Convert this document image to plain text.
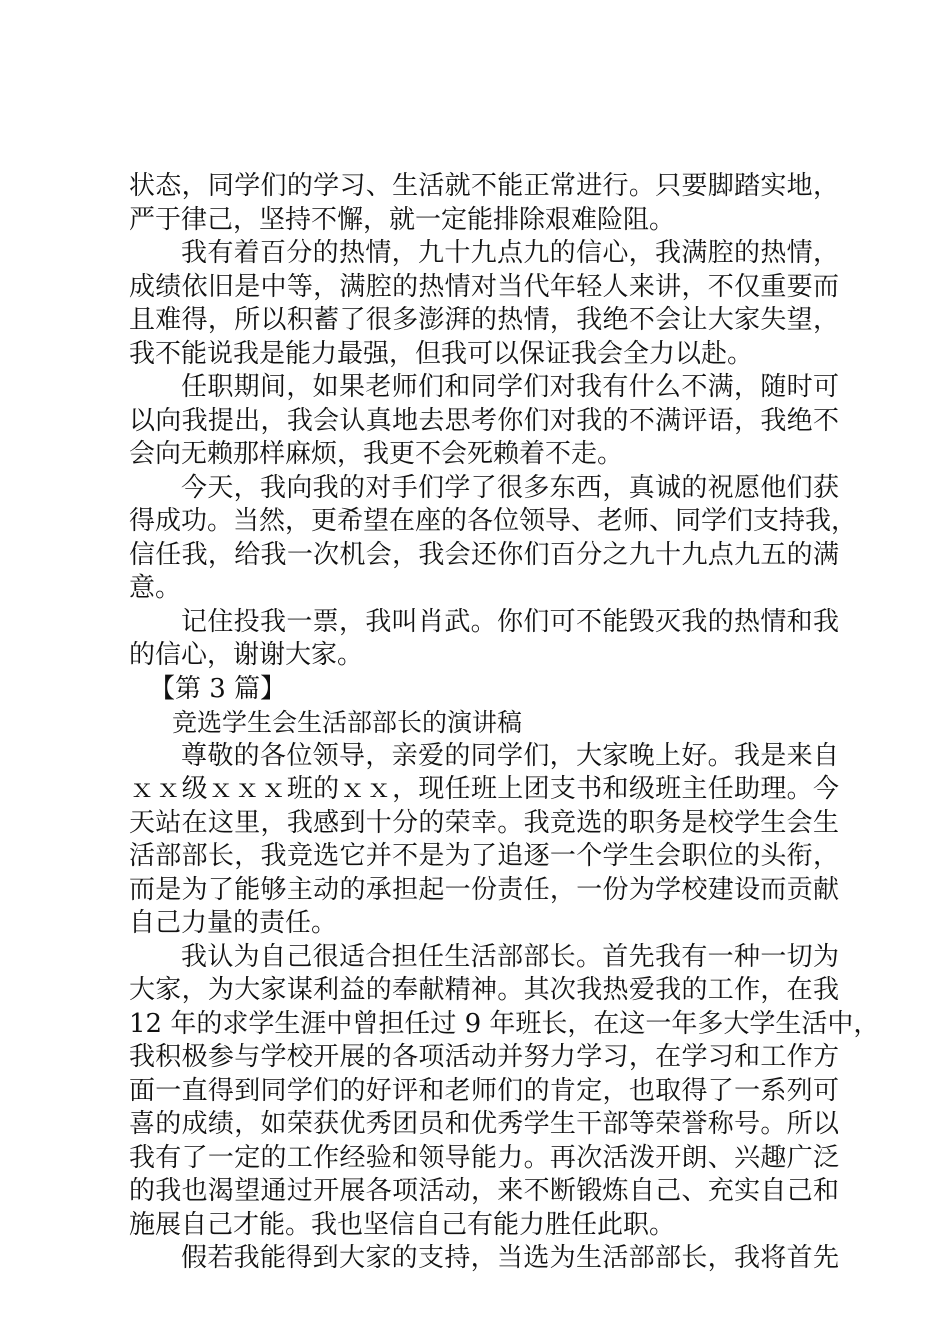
状态，同学们的学习、生活就不能正常进行。只要脚踏实地，
严于律己，坚持不懈，就一定能排除艰难险阻。
我有着百分的热情，九十九点九的信心，我满腔的热情，
成绩依旧是中等，满腔的热情对当代年轻人来讲，不仅重要而
且难得，所以积蓄了很多澎湃的热情，我绝不会让大家失望，
我不能说我是能力最强，但我可以保证我会全力以赴。
任职期间，如果老师们和同学们对我有什么不满，随时可
以向我提出，我会认真地去思考你们对我的不满评语，我绝不
会向无赖那样麻烦，我更不会死赖着不走。
今天，我向我的对手们学了很多东西，真诚的祝愿他们获
得成功。当然，更希望在座的各位领导、老师、同学们支持我，
信任我，给我一次机会，我会还你们百分之九十九点九五的满
意。
记住投我一票，我叫肖武。你们可不能毁灭我的热情和我
的信心，谢谢大家。
【第 3 篇】
竞选学生会生活部部长的演讲稿
尊敬的各位领导，亲爱的同学们，大家晚上好。我是来自
ｘｘ级ｘｘｘ班的ｘｘ，现任班上团支书和级班主任助理。今
天站在这里，我感到十分的荣幸。我竞选的职务是校学生会生
活部部长，我竞选它并不是为了追逐一个学生会职位的头衔，
而是为了能够主动的承担起一份责任，一份为学校建设而贡献
自己力量的责任。
我认为自己很适合担任生活部部长。首先我有一种一切为
大家，为大家谋利益的奉献精神。其次我热爱我的工作，在我
12 年的求学生涯中曾担任过 9 年班长，在这一年多大学生活中，
我积极参与学校开展的各项活动并努力学习，在学习和工作方
面一直得到同学们的好评和老师们的肯定，也取得了一系列可
喜的成绩，如荣获优秀团员和优秀学生干部等荣誉称号。所以
我有了一定的工作经验和领导能力。再次活泼开朗、兴趣广泛
的我也渴望通过开展各项活动，来不断锻炼自己、充实自己和
施展自己才能。我也坚信自己有能力胜任此职。
假若我能得到大家的支持，当选为生活部部长，我将首先
